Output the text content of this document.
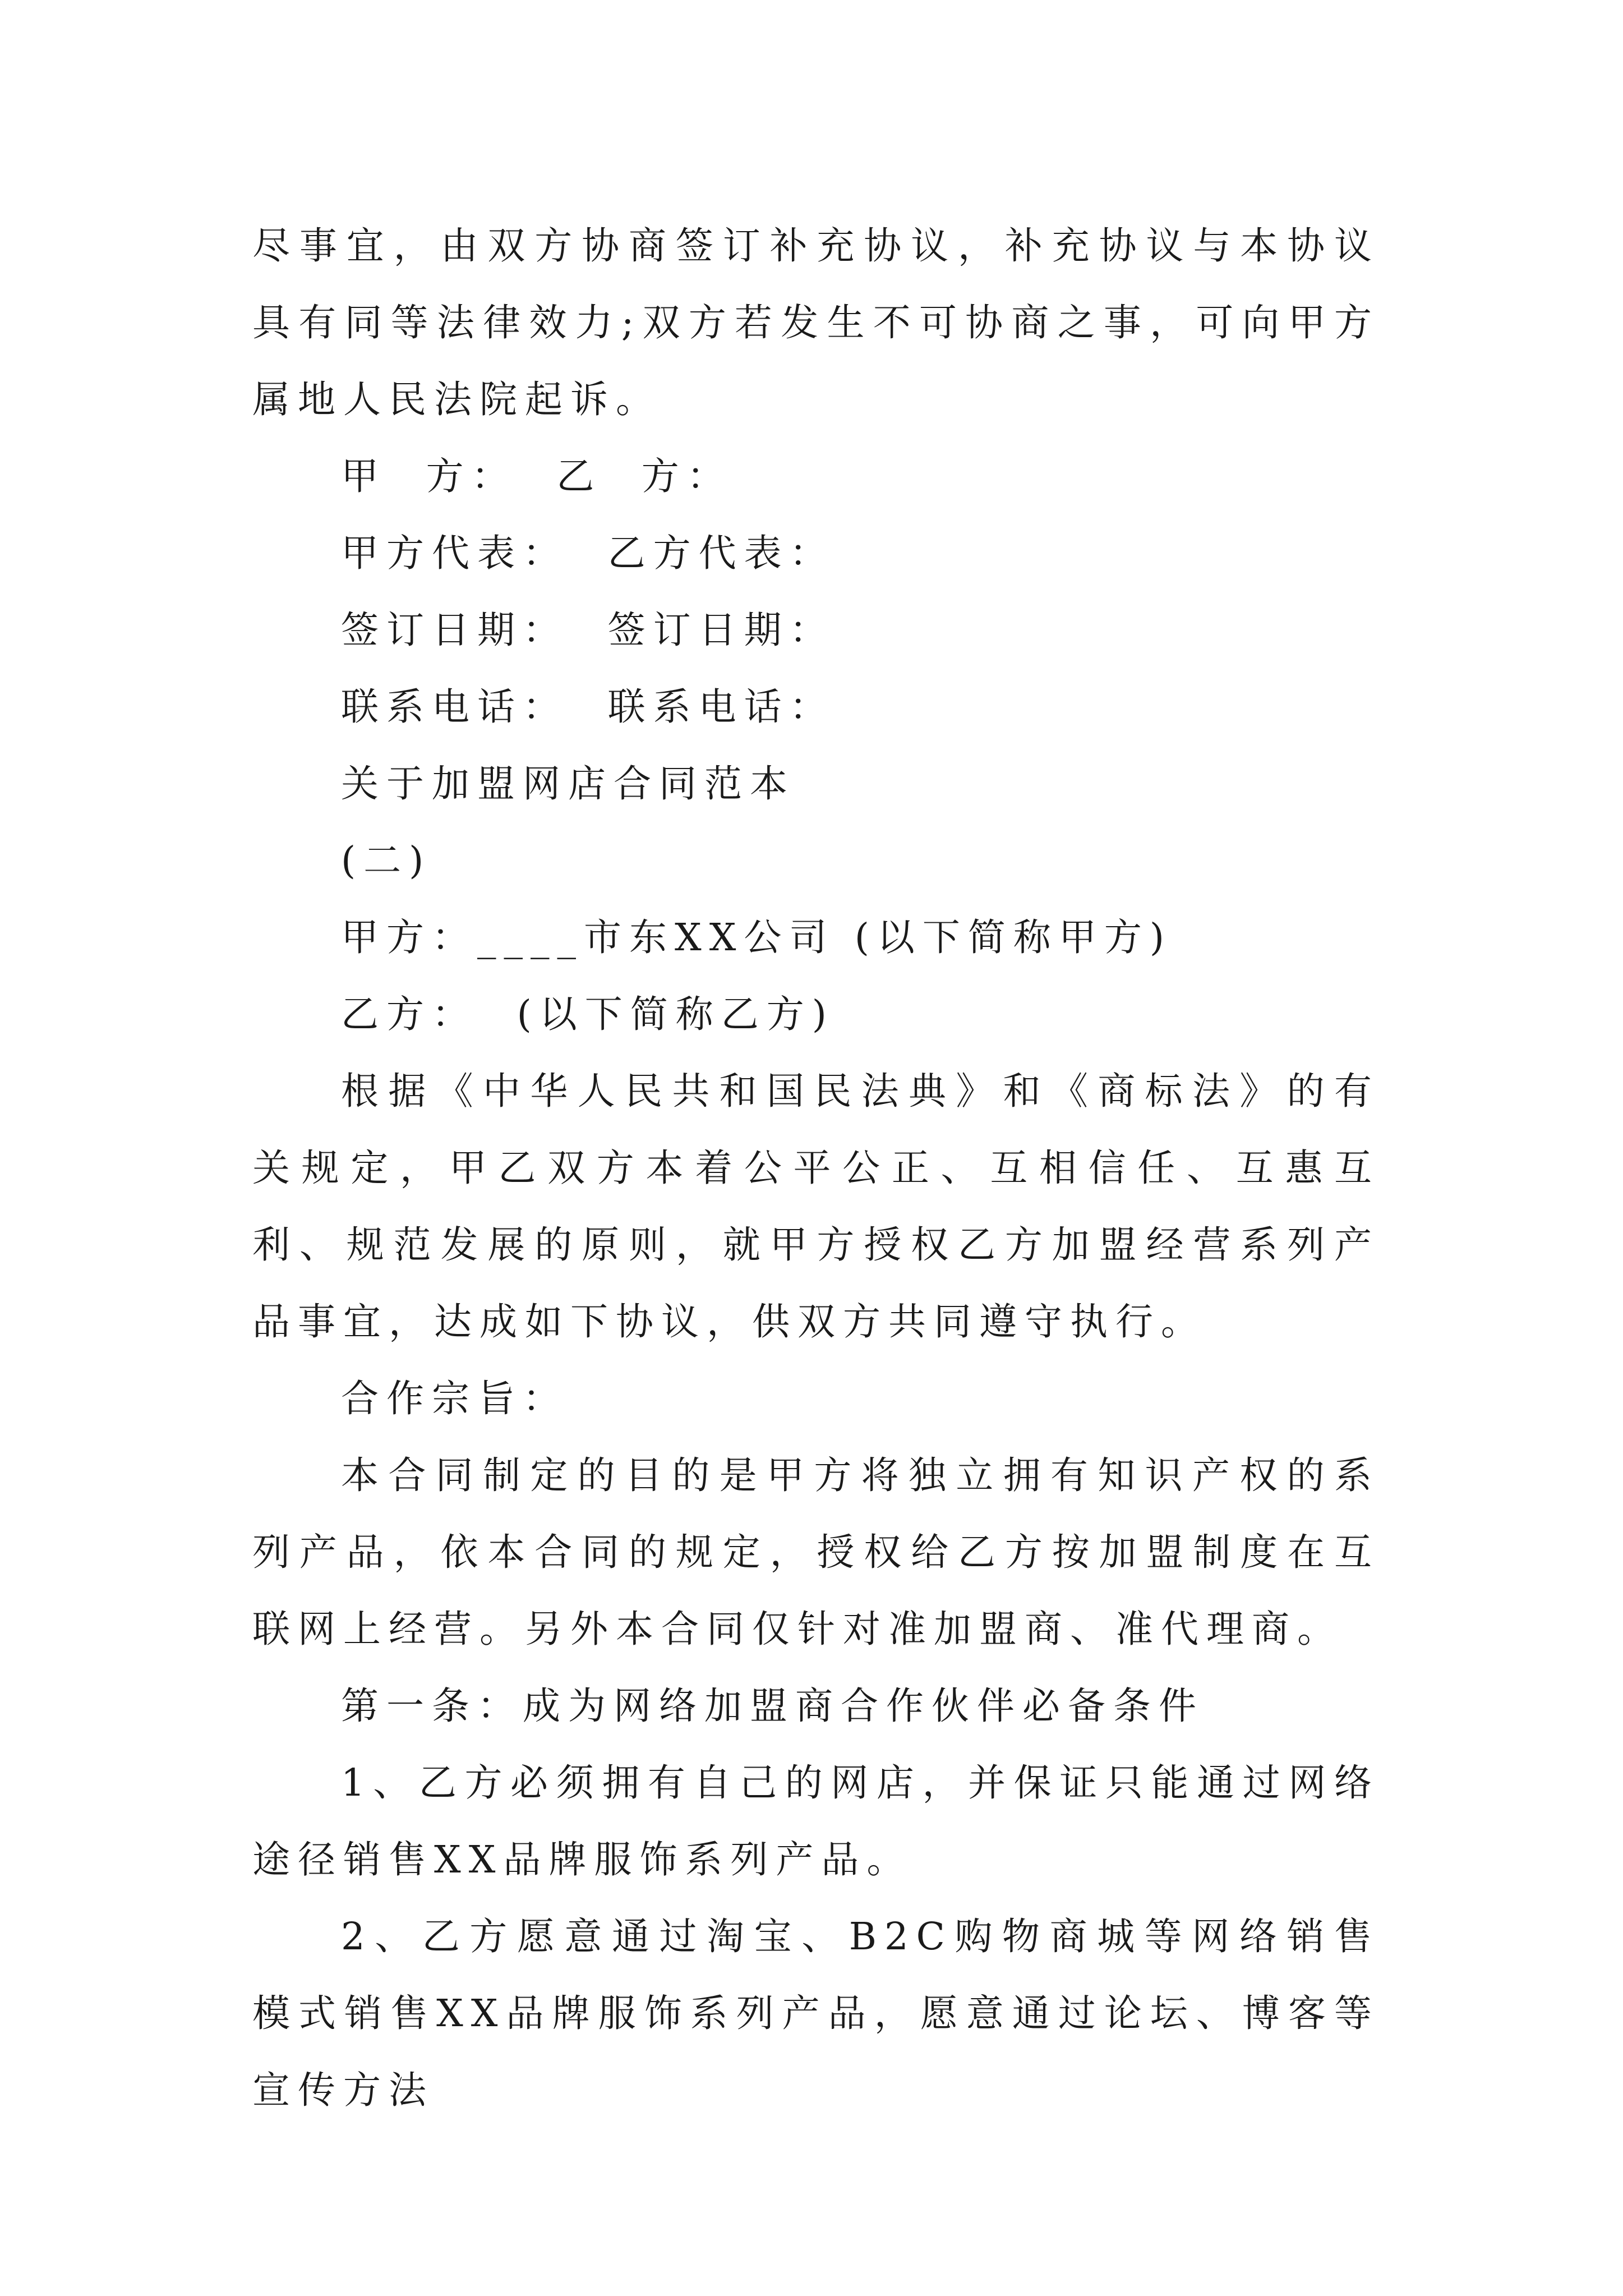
尽事宜，由双方协商签订补充协议，补充协议与本协议具有同等法律效力;双方若发生不可协商之事，可向甲方属地人民法院起诉。

甲  方：  乙  方：

甲方代表：  乙方代表：

签订日期：  签订日期：

联系电话：  联系电话：

关于加盟网店合同范本

(二)

甲方：____市东XX公司 (以下简称甲方)

乙方：  (以下简称乙方)

根据《中华人民共和国民法典》和《商标法》的有关规定，甲乙双方本着公平公正、互相信任、互惠互利、规范发展的原则，就甲方授权乙方加盟经营系列产品事宜，达成如下协议，供双方共同遵守执行。

合作宗旨：

本合同制定的目的是甲方将独立拥有知识产权的系列产品，依本合同的规定，授权给乙方按加盟制度在互联网上经营。另外本合同仅针对准加盟商、准代理商。

第一条：成为网络加盟商合作伙伴必备条件

1、乙方必须拥有自己的网店，并保证只能通过网络途径销售XX品牌服饰系列产品。

2、乙方愿意通过淘宝、B2C购物商城等网络销售模式销售XX品牌服饰系列产品，愿意通过论坛、博客等宣传方法
